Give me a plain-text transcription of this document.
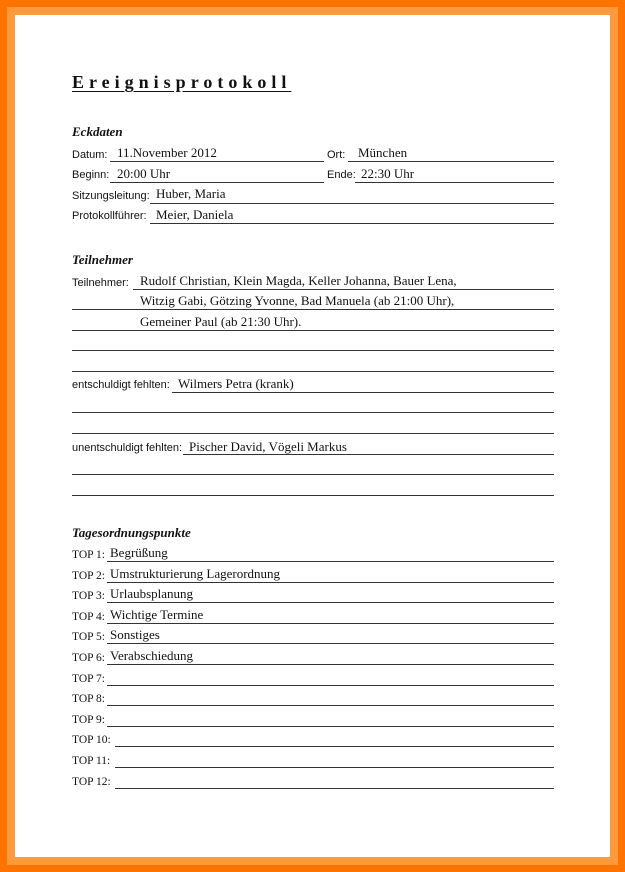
Ereignisprotokoll
Eckdaten
Datum: 11.November 2012	Ort: München
Beginn: 20:00 Uhr	Ende: 22:30 Uhr
Sitzungsleitung: Huber, Maria
Protokollführer: Meier, Daniela
Teilnehmer
Teilnehmer: Rudolf Christian, Klein Magda, Keller Johanna, Bauer Lena,
Witzig Gabi, Götzing Yvonne, Bad Manuela (ab 21:00 Uhr),
Gemeiner Paul (ab 21:30 Uhr).
entschuldigt fehlten: Wilmers Petra (krank)
unentschuldigt fehlten: Pischer David, Vögeli Markus
Tagesordnungspunkte
TOP 1: Begrüßung
TOP 2: Umstrukturierung Lagerordnung
TOP 3: Urlaubsplanung
TOP 4: Wichtige Termine
TOP 5: Sonstiges
TOP 6: Verabschiedung
TOP 7:
TOP 8:
TOP 9:
TOP 10:
TOP 11:
TOP 12:
